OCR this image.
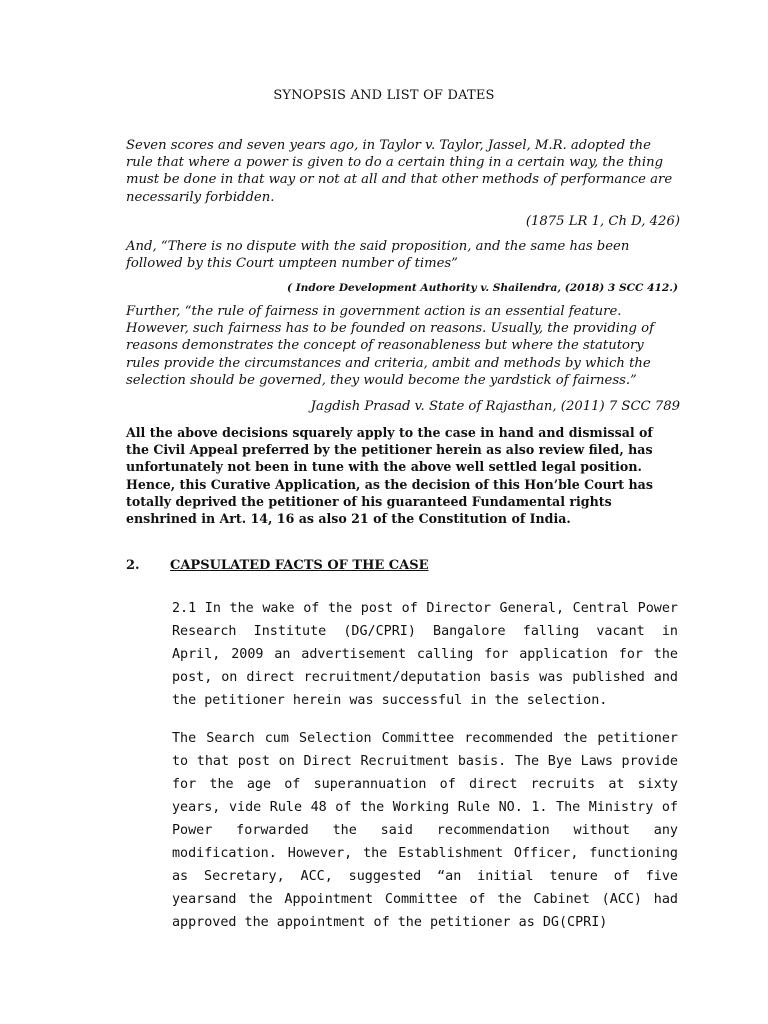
SYNOPSIS AND LIST OF DATES
Seven scores and seven years ago, in Taylor v. Taylor, Jassel, M.R. adopted the rule that where a power is given to do a certain thing in a certain way, the thing must be done in that way or not at all and that other methods of performance are necessarily forbidden.
(1875 LR 1, Ch D, 426)
And, “There is no dispute with the said proposition, and the same has been followed by this Court umpteen number of times”
( Indore Development Authority v. Shailendra, (2018) 3 SCC 412.)
Further, “the rule of fairness in government action is an essential feature. However, such fairness has to be founded on reasons. Usually, the providing of reasons demonstrates the concept of reasonableness but where the statutory rules provide the circumstances and criteria, ambit and methods by which the selection should be governed, they would become the yardstick of fairness.”
Jagdish Prasad v. State of Rajasthan, (2011) 7 SCC 789
All the above decisions squarely apply to the case in hand and dismissal of the Civil Appeal preferred by the petitioner herein as also review filed, has unfortunately not been in tune with the above well settled legal position. Hence, this Curative Application, as the decision of this Hon’ble Court has totally deprived the petitioner of his guaranteed Fundamental rights enshrined in Art. 14, 16 as also 21 of the Constitution of India.
2. CAPSULATED FACTS OF THE CASE
2.1 In the wake of the post of Director General, Central Power Research Institute (DG/CPRI) Bangalore falling vacant in April, 2009 an advertisement calling for application for the post, on direct recruitment/deputation basis was published and the petitioner herein was successful in the selection.
The Search cum Selection Committee recommended the petitioner to that post on Direct Recruitment basis. The Bye Laws provide for the age of superannuation of direct recruits at sixty years, vide Rule 48 of the Working Rule NO. 1. The Ministry of Power forwarded the said recommendation without any modification. However, the Establishment Officer, functioning as Secretary, ACC, suggested “an initial tenure of five yearsand the Appointment Committee of the Cabinet (ACC) had approved the appointment of the petitioner as DG(CPRI)
